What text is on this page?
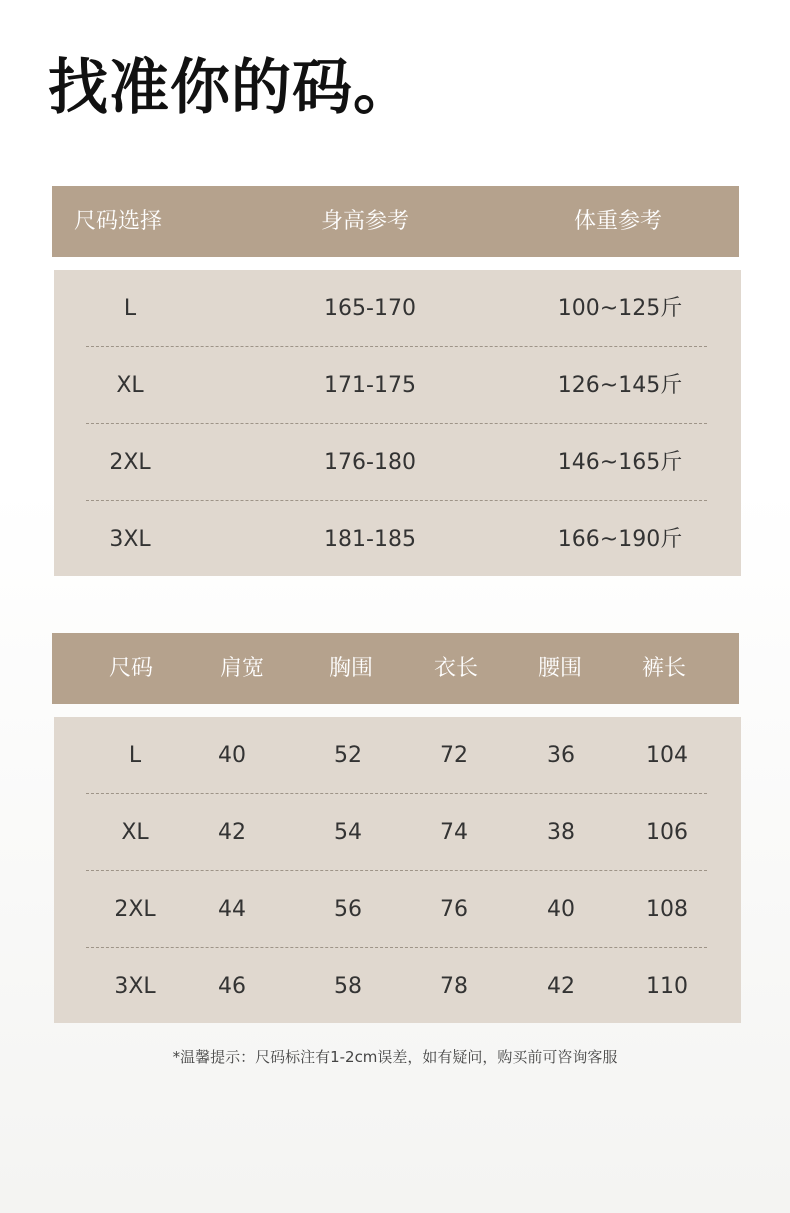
找准你的码。
尺码选择	身高参考	体重参考
L	165-170	100~125斤
XL	171-175	126~145斤
2XL	176-180	146~165斤
3XL	181-185	166~190斤
尺码	肩宽	胸围	衣长	腰围	裤长
L	40	52	72	36	104
XL	42	54	74	38	106
2XL	44	56	76	40	108
3XL	46	58	78	42	110
*温馨提示：尺码标注有1-2cm误差，如有疑问，购买前可咨询客服
